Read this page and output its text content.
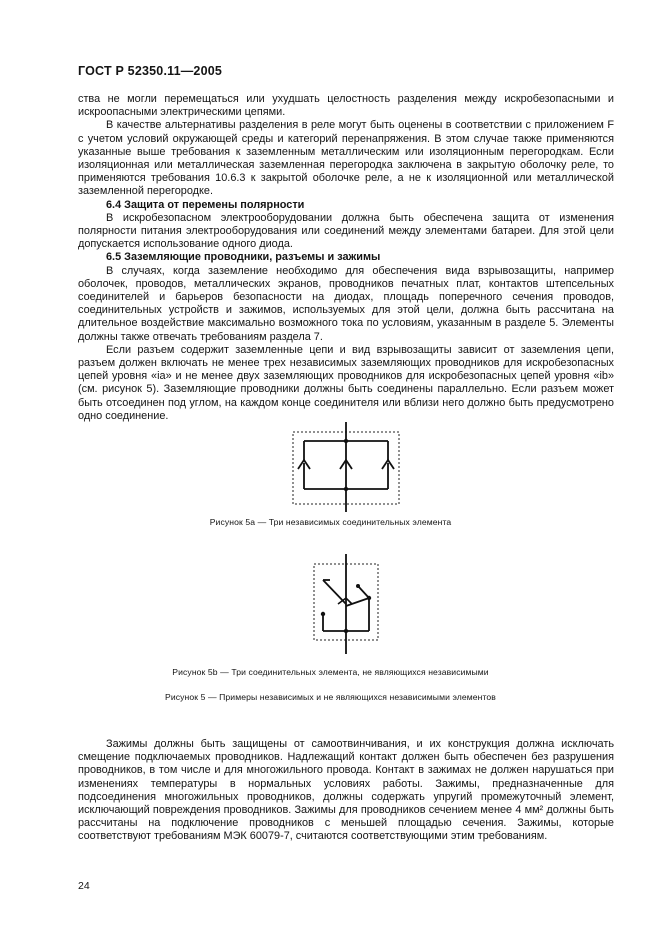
ГОСТ Р 52350.11—2005

ства не могли перемещаться или ухудшать целостность разделения между искробезопасными и искроопасными электрическими цепями.

В качестве альтернативы разделения в реле могут быть оценены в соответствии с приложением F с учетом условий окружающей среды и категорий перенапряжения. В этом случае также применяются указанные выше требования к заземленным металлическим или изоляционным перегородкам. Если изоляционная или металлическая заземленная перегородка заключена в закрытую оболочку реле, то применяются требования 10.6.3 к закрытой оболочке реле, а не к изоляционной или металлической заземленной перегородке.

6.4 Защита от перемены полярности

В искробезопасном электрооборудовании должна быть обеспечена защита от изменения полярности питания электрооборудования или соединений между элементами батареи. Для этой цели допускается использование одного диода.

6.5 Заземляющие проводники, разъемы и зажимы

В случаях, когда заземление необходимо для обеспечения вида взрывозащиты, например оболочек, проводов, металлических экранов, проводников печатных плат, контактов штепсельных соединителей и барьеров безопасности на диодах, площадь поперечного сечения проводов, соединительных устройств и зажимов, используемых для этой цели, должна быть рассчитана на длительное воздействие максимально возможного тока по условиям, указанным в разделе 5. Элементы должны также отвечать требованиям раздела 7.

Если разъем содержит заземленные цепи и вид взрывозащиты зависит от заземления цепи, разъем должен включать не менее трех независимых заземляющих проводников для искробезопасных цепей уровня «ia» и не менее двух заземляющих проводников для искробезопасных цепей уровня «ib» (см. рисунок 5). Заземляющие проводники должны быть соединены параллельно. Если разъем может быть отсоединен под углом, на каждом конце соединителя или вблизи него должно быть предусмотрено одно соединение.

Рисунок 5а — Три независимых соединительных элемента
Рисунок 5b — Три соединительных элемента, не являющихся независимыми
Рисунок 5 — Примеры независимых и не являющихся независимыми элементов

Зажимы должны быть защищены от самоотвинчивания, и их конструкция должна исключать смещение подключаемых проводников. Надлежащий контакт должен быть обеспечен без разрушения проводников, в том числе и для многожильного провода. Контакт в зажимах не должен нарушаться при изменениях температуры в нормальных условиях работы. Зажимы, предназначенные для подсоединения многожильных проводников, должны содержать упругий промежуточный элемент, исключающий повреждения проводников. Зажимы для проводников сечением менее 4 мм² должны быть рассчитаны на подключение проводников с меньшей площадью сечения. Зажимы, которые соответствуют требованиям МЭК 60079-7, считаются соответствующими этим требованиям.

24
